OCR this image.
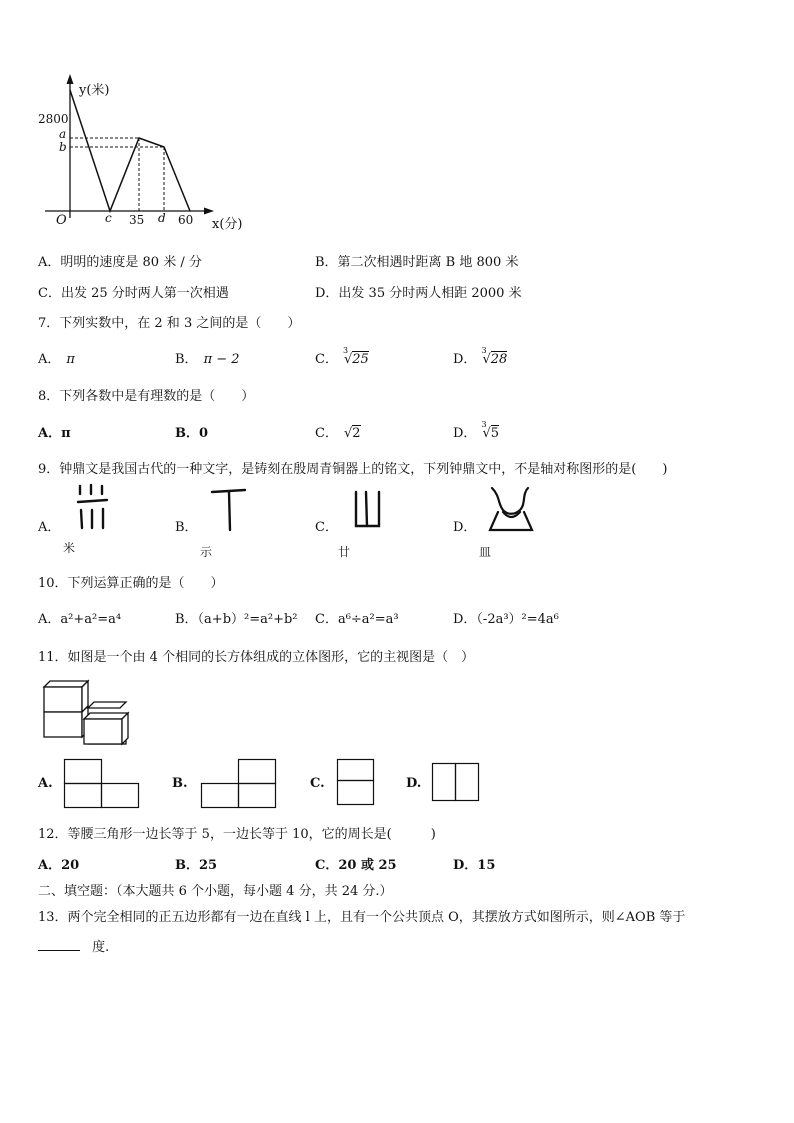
y(米)
x(分)
2800
a
b
O	c 35 d 60
A．明明的速度是 80 米 / 分	B．第二次相遇时距离 B 地 800 米
C．出发 25 分时两人第一次相遇	D．出发 35 分时两人相距 2000 米
7．下列实数中，在 2 和 3 之间的是（　　）
A． π	B． π − 2	C．
3
√25	D．
3
√28
8．下列各数中是有理数的是（　　）
A．π	B．0	C． √2	D．
3
√5
9．钟鼎文是我国古代的一种文字，是铸刻在殷周青铜器上的铭文，下列钟鼎文中，不是轴对称图形的是(　　)
A．	B．	C．	D．
米	示	廿	皿
10．下列运算正确的是（　　）
A．a²+a²=a⁴	B．（a+b）²=a²+b² C．a⁶÷a²=a³	D．（-2a³）²=4a⁶
11．如图是一个由 4 个相同的长方体组成的立体图形，它的主视图是（　）
A.	B.	C.	D.
12．等腰三角形一边长等于 5，一边长等于 10，它的周长是(　　　)
A．20	B．25	C．20 或 25	D．15
二、填空题：（本大题共 6 个小题，每小题 4 分，共 24 分.）
13．两个完全相同的正五边形都有一边在直线 l 上，且有一个公共顶点 O，其摆放方式如图所示，则∠AOB 等于
度.
